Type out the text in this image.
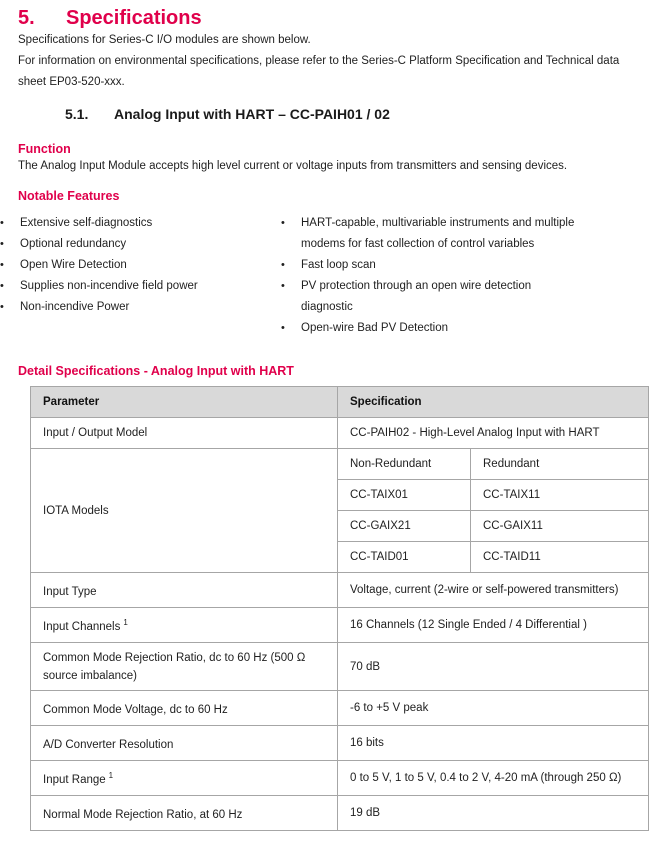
5.	Specifications

Specifications for Series-C I/O modules are shown below.

For information on environmental specifications, please refer to the Series-C Platform Specification and Technical data sheet EP03-520-xxx.

5.1.	Analog Input with HART – CC-PAIH01 / 02
Function

The Analog Input Module accepts high level current or voltage inputs from transmitters and sensing devices.

Notable Features
•	Extensive self-diagnostics
•	Optional redundancy
•	Open Wire Detection
•	Supplies non-incendive field power
•	Non-incendive Power
•	HART-capable, multivariable instruments and multiple modems for fast collection of control variables
•	Fast loop scan
•	PV protection through an open wire detection diagnostic
•	Open-wire Bad PV Detection
Detail Specifications - Analog Input with HART
Parameter	Specification	
Input / Output Model	CC-PAIH02 - High-Level Analog Input with HART	
IOTA Models	Non-Redundant	Redundant
	CC-TAIX01	CC-TAIX11
	CC-GAIX21	CC-GAIX11
	CC-TAID01	CC-TAID11
Input Type	Voltage, current (2-wire or self-powered transmitters)	
Input Channels $^1$	16 Channels (12 Single Ended / 4 Differential )	
Common Mode Rejection Ratio, dc to 60 Hz (500 Ω source imbalance)	70 dB	
Common Mode Voltage, dc to 60 Hz	-6 to +5 V peak	
A/D Converter Resolution	16 bits	
Input Range $^1$	0 to 5 V, 1 to 5 V, 0.4 to 2 V, 4-20 mA (through 250 Ω)	
Normal Mode Rejection Ratio, at 60 Hz	19 dB	
